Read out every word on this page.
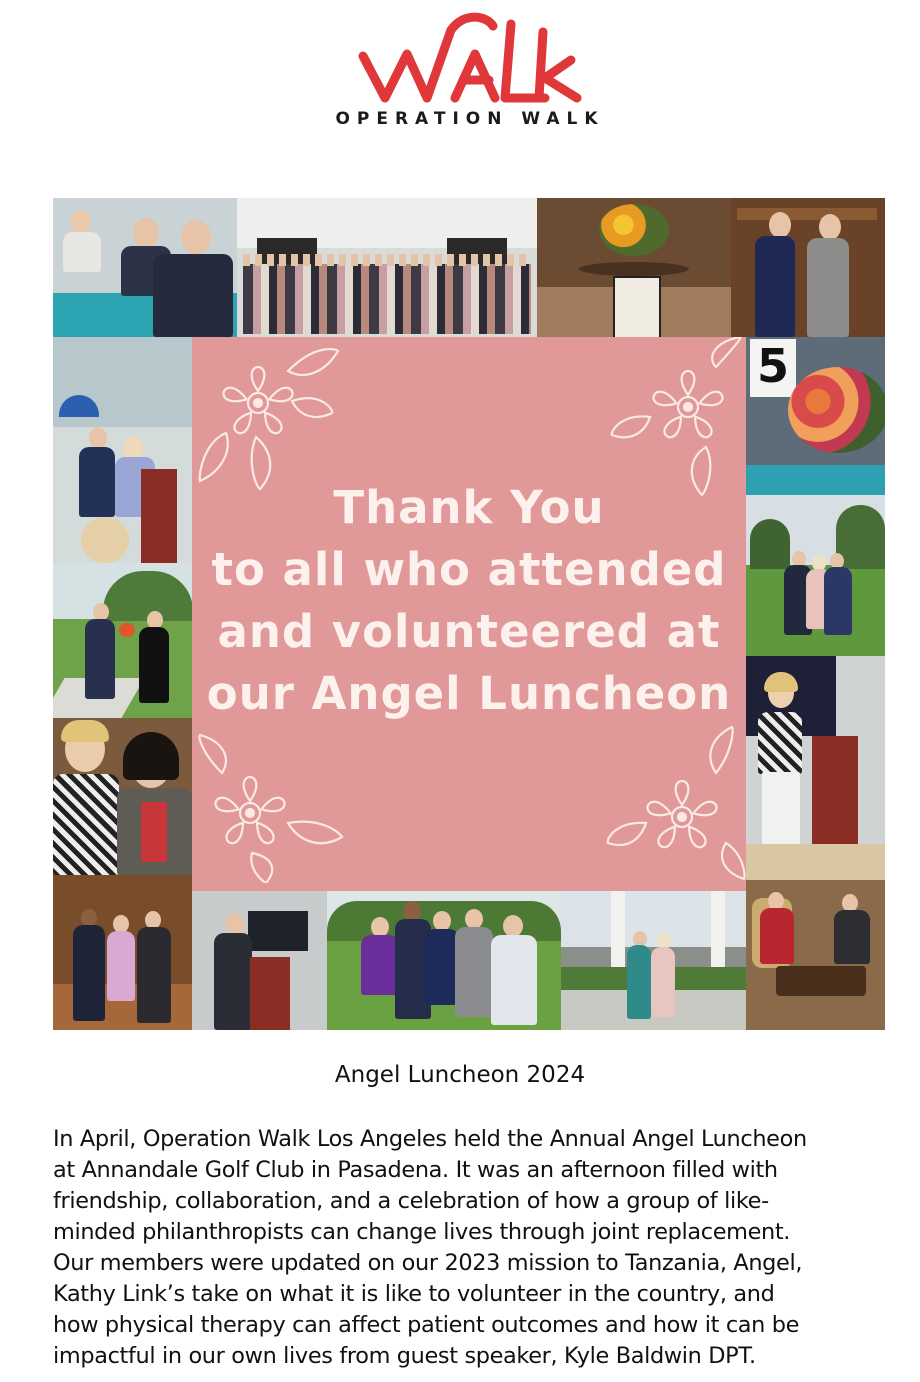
OPERATION WALK
5
Thank You
to all who attended
and volunteered at
our Angel Luncheon
Angel Luncheon 2024
In April, Operation Walk Los Angeles held the Annual Angel Luncheon
at Annandale Golf Club in Pasadena. It was an afternoon filled with
friendship, collaboration, and a celebration of how a group of like-
minded philanthropists can change lives through joint replacement.
Our members were updated on our 2023 mission to Tanzania, Angel,
Kathy Link’s take on what it is like to volunteer in the country, and
how physical therapy can affect patient outcomes and how it can be
impactful in our own lives from guest speaker, Kyle Baldwin DPT.
